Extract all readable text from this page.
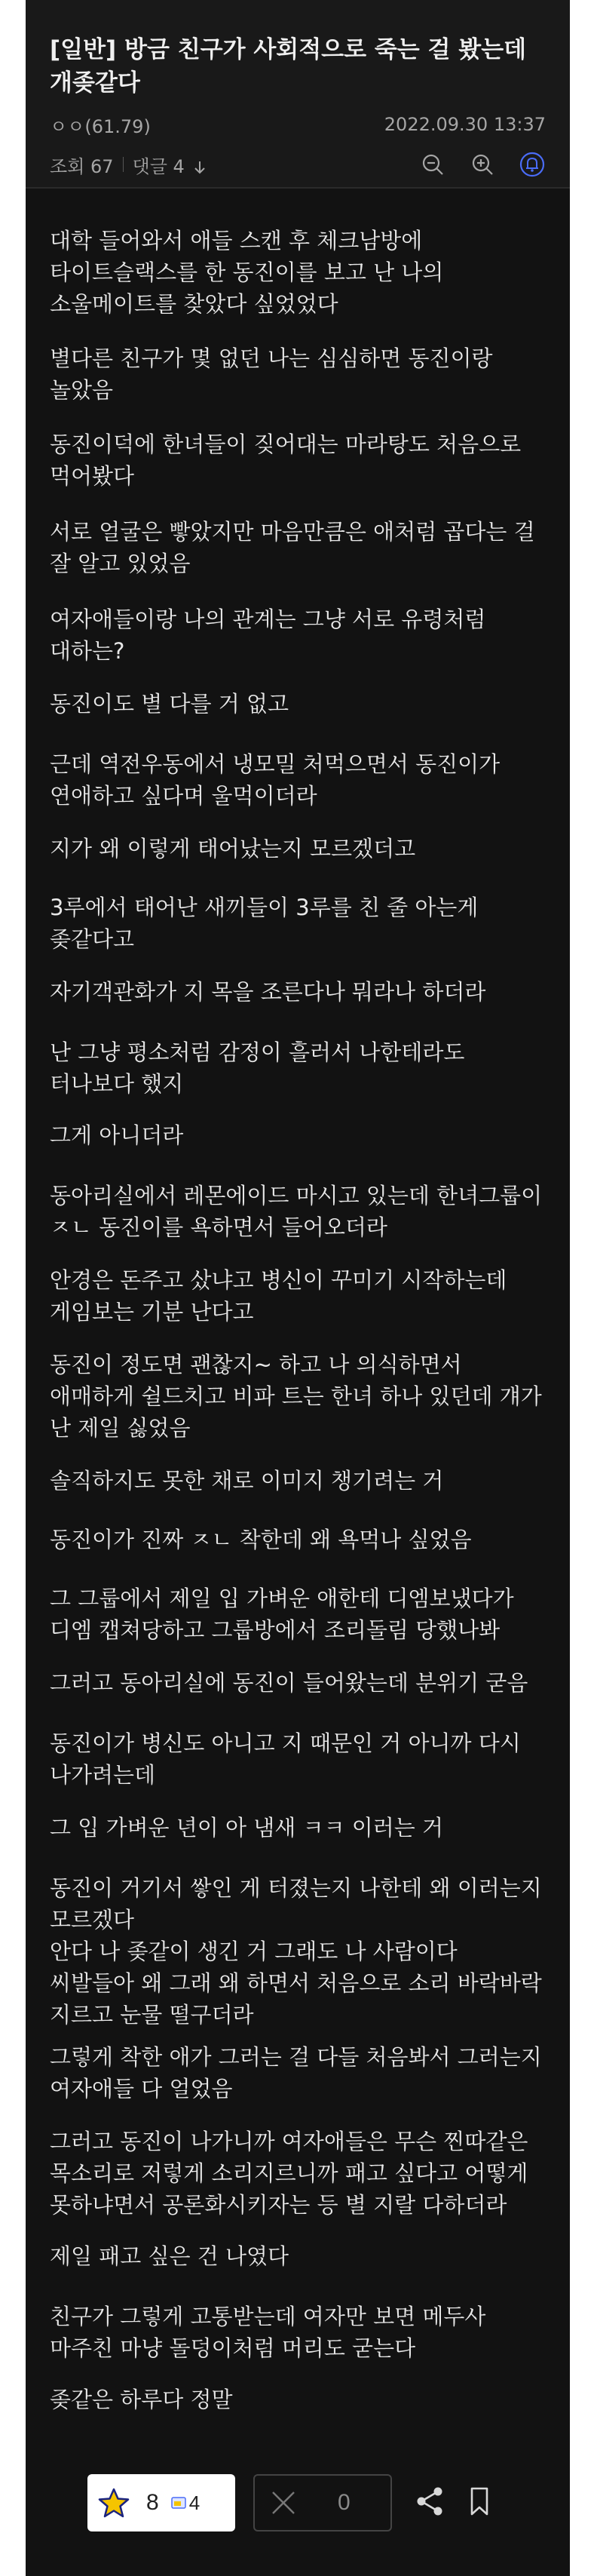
[일반] 방금 친구가 사회적으로 죽는 걸 봤는데 개좆같다
ㅇㅇ(61.79)	2022.09.30 13:37
조회 67 댓글 4

대학 들어와서 애들 스캔 후 체크남방에 타이트슬랙스를 한 동진이를 보고 난 나의 소울메이트를 찾았다 싶었었다

별다른 친구가 몇 없던 나는 심심하면 동진이랑 놀았음

동진이덕에 한녀들이 짖어대는 마라탕도 처음으로 먹어봤다

서로 얼굴은 빻았지만 마음만큼은 애처럼 곱다는 걸 잘 알고 있었음

여자애들이랑 나의 관계는 그냥 서로 유령처럼 대하는?

동진이도 별 다를 거 없고

근데 역전우동에서 냉모밀 처먹으면서 동진이가 연애하고 싶다며 울먹이더라

지가 왜 이렇게 태어났는지 모르겠더고

3루에서 태어난 새끼들이 3루를 친 줄 아는게 좆같다고

자기객관화가 지 목을 조른다나 뭐라나 하더라

난 그냥 평소처럼 감정이 흘러서 나한테라도 터나보다 했지

그게 아니더라

동아리실에서 레몬에이드 마시고 있는데 한녀그룹이 ㅈㄴ 동진이를 욕하면서 들어오더라

안경은 돈주고 샀냐고 병신이 꾸미기 시작하는데 게임보는 기분 난다고

동진이 정도면 괜찮지~ 하고 나 의식하면서 애매하게 쉴드치고 비파 트는 한녀 하나 있던데 걔가 난 제일 싫었음

솔직하지도 못한 채로 이미지 챙기려는 거

동진이가 진짜 ㅈㄴ 착한데 왜 욕먹나 싶었음

그 그룹에서 제일 입 가벼운 애한테 디엠보냈다가 디엠 캡쳐당하고 그룹방에서 조리돌림 당했나봐

그러고 동아리실에 동진이 들어왔는데 분위기 굳음

동진이가 병신도 아니고 지 때문인 거 아니까 다시 나가려는데

그 입 가벼운 년이 아 냄새 ㅋㅋ 이러는 거

동진이 거기서 쌓인 게 터졌는지 나한테 왜 이러는지 모르겠다
안다 나 좆같이 생긴 거 그래도 나 사람이다 씨발들아 왜 그래 왜 하면서 처음으로 소리 바락바락 지르고 눈물 떨구더라

그렇게 착한 애가 그러는 걸 다들 처음봐서 그러는지 여자애들 다 얼었음

그러고 동진이 나가니까 여자애들은 무슨 찐따같은 목소리로 저렇게 소리지르니까 패고 싶다고 어떻게 못하냐면서 공론화시키자는 등 별 지랄 다하더라

제일 패고 싶은 건 나였다

친구가 그렇게 고통받는데 여자만 보면 메두사 마주친 마냥 돌덩이처럼 머리도 굳는다

좆같은 하루다 정말

8 4	0
